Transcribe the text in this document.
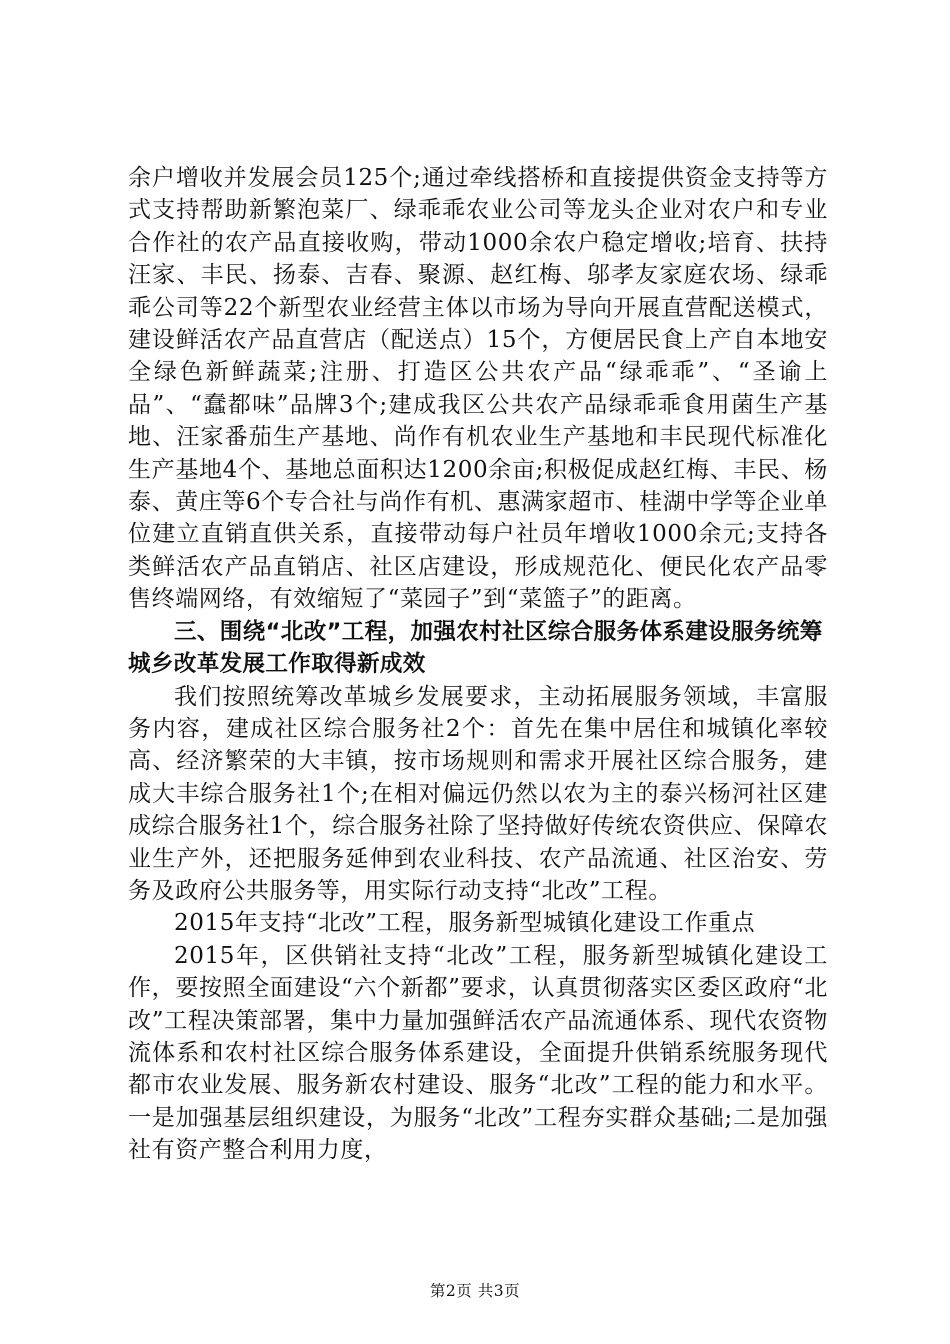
余户增收并发展会员125个;通过牵线搭桥和直接提供资金支持等方式支持帮助新繁泡菜厂、绿乖乖农业公司等龙头企业对农户和专业合作社的农产品直接收购，带动1000余农户稳定增收;培育、扶持汪家、丰民、扬泰、吉春、聚源、赵红梅、邬孝友家庭农场、绿乖乖公司等22个新型农业经营主体以市场为导向开展直营配送模式，建设鲜活农产品直营店（配送点）15个，方便居民食上产自本地安全绿色新鲜蔬菜;注册、打造区公共农产品“绿乖乖”、“圣谕上品”、“蠢都味”品牌3个;建成我区公共农产品绿乖乖食用菌生产基地、汪家番茄生产基地、尚作有机农业生产基地和丰民现代标准化生产基地4个、基地总面积达1200余亩;积极促成赵红梅、丰民、杨泰、黄庄等6个专合社与尚作有机、惠满家超市、桂湖中学等企业单位建立直销直供关系，直接带动每户社员年增收1000余元;支持各类鲜活农产品直销店、社区店建设，形成规范化、便民化农产品零售终端网络，有效缩短了“菜园子”到“菜篮子”的距离。

三、围绕“北改”工程，加强农村社区综合服务体系建设服务统筹城乡改革发展工作取得新成效

我们按照统筹改革城乡发展要求，主动拓展服务领域，丰富服务内容，建成社区综合服务社2个：首先在集中居住和城镇化率较高、经济繁荣的大丰镇，按市场规则和需求开展社区综合服务，建成大丰综合服务社1个;在相对偏远仍然以农为主的泰兴杨河社区建成综合服务社1个，综合服务社除了坚持做好传统农资供应、保障农业生产外，还把服务延伸到农业科技、农产品流通、社区治安、劳务及政府公共服务等，用实际行动支持“北改”工程。

2015年支持“北改”工程，服务新型城镇化建设工作重点

2015年，区供销社支持“北改”工程，服务新型城镇化建设工作，要按照全面建设“六个新都”要求，认真贯彻落实区委区政府“北改”工程决策部署，集中力量加强鲜活农产品流通体系、现代农资物流体系和农村社区综合服务体系建设，全面提升供销系统服务现代都市农业发展、服务新农村建设、服务“北改”工程的能力和水平。一是加强基层组织建设，为服务“北改”工程夯实群众基础;二是加强社有资产整合利用力度，

第2页 共3页
